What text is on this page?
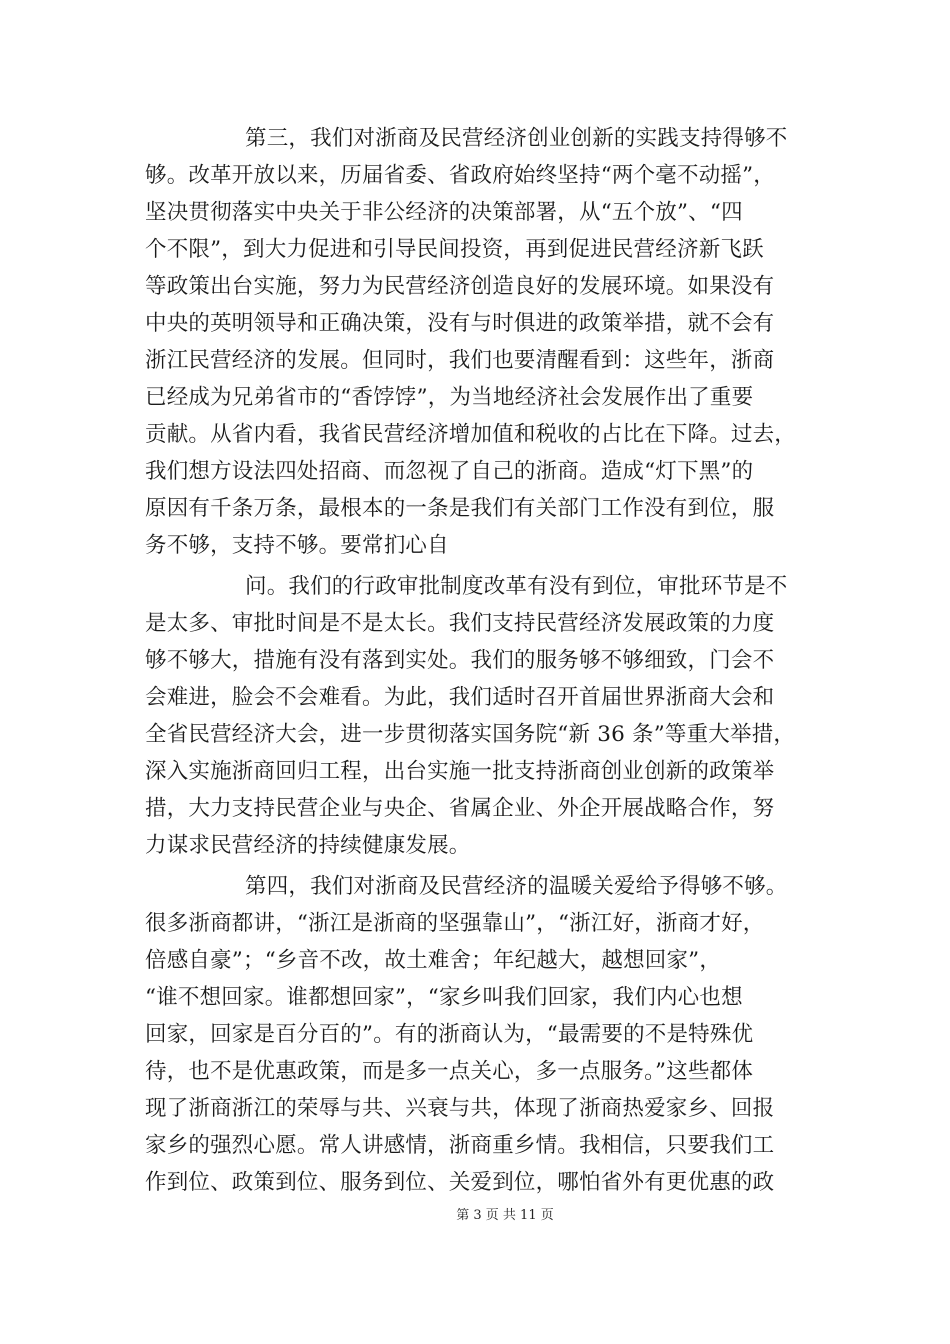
第三，我们对浙商及民营经济创业创新的实践支持得够不
够。改革开放以来，历届省委、省政府始终坚持“两个毫不动摇”，
坚决贯彻落实中央关于非公经济的决策部署，从“五个放”、“四
个不限”，到大力促进和引导民间投资，再到促进民营经济新飞跃
等政策出台实施，努力为民营经济创造良好的发展环境。如果没有
中央的英明领导和正确决策，没有与时俱进的政策举措，就不会有
浙江民营经济的发展。但同时，我们也要清醒看到：这些年，浙商
已经成为兄弟省市的“香饽饽”，为当地经济社会发展作出了重要
贡献。从省内看，我省民营经济增加值和税收的占比在下降。过去，
我们想方设法四处招商、而忽视了自己的浙商。造成“灯下黑”的
原因有千条万条，最根本的一条是我们有关部门工作没有到位，服
务不够，支持不够。要常扪心自
问。我们的行政审批制度改革有没有到位，审批环节是不
是太多、审批时间是不是太长。我们支持民营经济发展政策的力度
够不够大，措施有没有落到实处。我们的服务够不够细致，门会不
会难进，脸会不会难看。为此，我们适时召开首届世界浙商大会和
全省民营经济大会，进一步贯彻落实国务院“新 36 条”等重大举措，
深入实施浙商回归工程，出台实施一批支持浙商创业创新的政策举
措，大力支持民营企业与央企、省属企业、外企开展战略合作，努
力谋求民营经济的持续健康发展。
第四，我们对浙商及民营经济的温暖关爱给予得够不够。
很多浙商都讲，“浙江是浙商的坚强靠山”，“浙江好，浙商才好，
倍感自豪”；“乡音不改，故土难舍；年纪越大，越想回家”，
“谁不想回家。谁都想回家”，“家乡叫我们回家，我们内心也想
回家，回家是百分百的”。有的浙商认为，“最需要的不是特殊优
待，也不是优惠政策，而是多一点关心，多一点服务。”这些都体
现了浙商浙江的荣辱与共、兴衰与共，体现了浙商热爱家乡、回报
家乡的强烈心愿。常人讲感情，浙商重乡情。我相信，只要我们工
作到位、政策到位、服务到位、关爱到位，哪怕省外有更优惠的政
第 3 页 共 11 页
